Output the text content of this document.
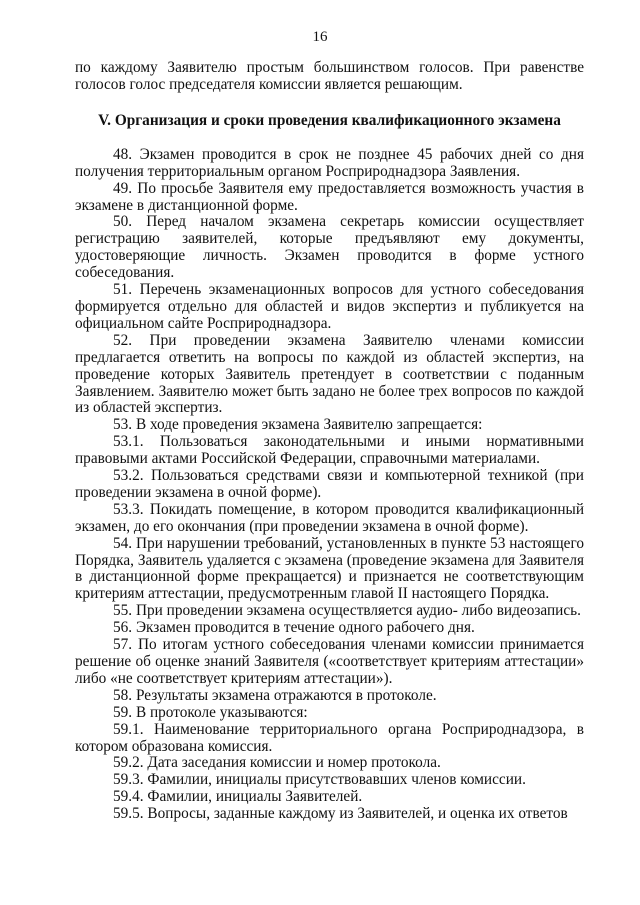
16

по каждому Заявителю простым большинством голосов. При равенстве голосов голос председателя комиссии является решающим.

V. Организация и сроки проведения квалификационного экзамена

48. Экзамен проводится в срок не позднее 45 рабочих дней со дня получения территориальным органом Росприроднадзора Заявления.

49. По просьбе Заявителя ему предоставляется возможность участия в экзамене в дистанционной форме.

50. Перед началом экзамена секретарь комиссии осуществляет регистрацию заявителей, которые предъявляют ему документы, удостоверяющие личность. Экзамен проводится в форме устного собеседования.

51. Перечень экзаменационных вопросов для устного собеседования формируется отдельно для областей и видов экспертиз и публикуется на официальном сайте Росприроднадзора.

52. При проведении экзамена Заявителю членами комиссии предлагается ответить на вопросы по каждой из областей экспертиз, на проведение которых Заявитель претендует в соответствии с поданным Заявлением. Заявителю может быть задано не более трех вопросов по каждой из областей экспертиз.

53. В ходе проведения экзамена Заявителю запрещается:

53.1. Пользоваться законодательными и иными нормативными правовыми актами Российской Федерации, справочными материалами.

53.2. Пользоваться средствами связи и компьютерной техникой (при проведении экзамена в очной форме).

53.3. Покидать помещение, в котором проводится квалификационный экзамен, до его окончания (при проведении экзамена в очной форме).

54. При нарушении требований, установленных в пункте 53 настоящего Порядка, Заявитель удаляется с экзамена (проведение экзамена для Заявителя в дистанционной форме прекращается) и признается не соответствующим критериям аттестации, предусмотренным главой II настоящего Порядка.

55. При проведении экзамена осуществляется аудио- либо видеозапись.

56. Экзамен проводится в течение одного рабочего дня.

57. По итогам устного собеседования членами комиссии принимается решение об оценке знаний Заявителя («соответствует критериям аттестации» либо «не соответствует критериям аттестации»).

58. Результаты экзамена отражаются в протоколе.

59. В протоколе указываются:

59.1. Наименование территориального органа Росприроднадзора, в котором образована комиссия.

59.2. Дата заседания комиссии и номер протокола.

59.3. Фамилии, инициалы присутствовавших членов комиссии.

59.4. Фамилии, инициалы Заявителей.

59.5. Вопросы, заданные каждому из Заявителей, и оценка их ответов
